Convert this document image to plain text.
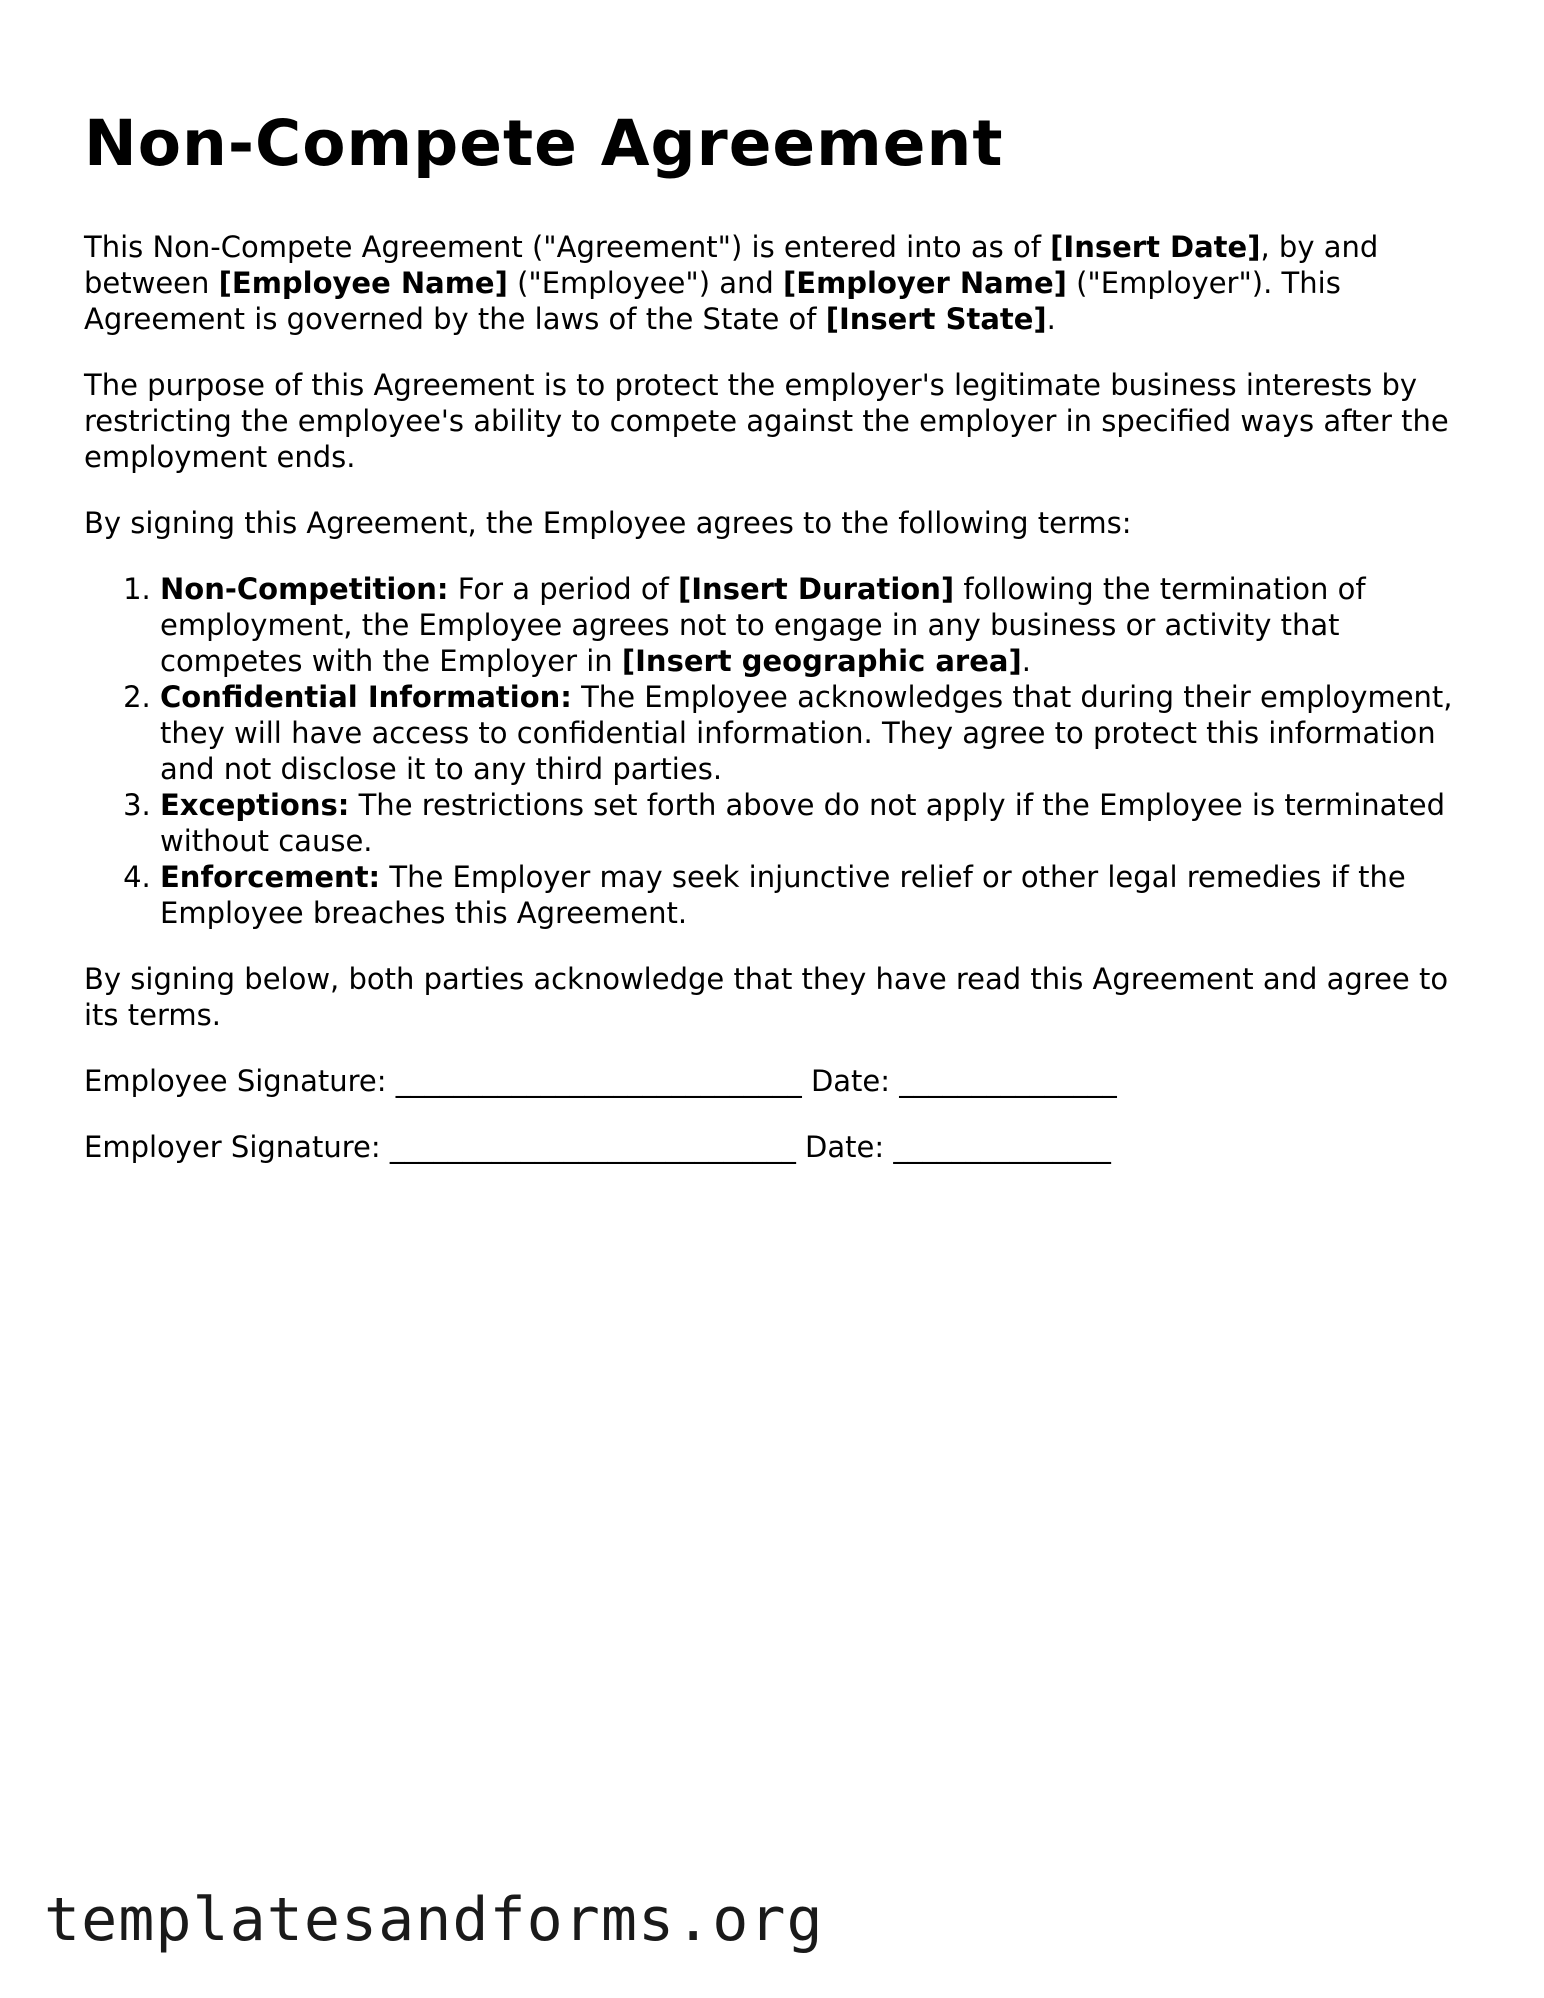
Non-Compete Agreement

This Non-Compete Agreement ("Agreement") is entered into as of [Insert Date], by and between [Employee Name] ("Employee") and [Employer Name] ("Employer"). This Agreement is governed by the laws of the State of [Insert State].

The purpose of this Agreement is to protect the employer's legitimate business interests by restricting the employee's ability to compete against the employer in specified ways after the employment ends.

By signing this Agreement, the Employee agrees to the following terms:

1. Non-Competition: For a period of [Insert Duration] following the termination of employment, the Employee agrees not to engage in any business or activity that competes with the Employer in [Insert geographic area].
2. Confidential Information: The Employee acknowledges that during their employment, they will have access to confidential information. They agree to protect this information and not disclose it to any third parties.
3. Exceptions: The restrictions set forth above do not apply if the Employee is terminated without cause.
4. Enforcement: The Employer may seek injunctive relief or other legal remedies if the Employee breaches this Agreement.

By signing below, both parties acknowledge that they have read this Agreement and agree to its terms.

Employee Signature: ____________________________ Date: _______________

Employer Signature: ____________________________ Date: _______________

templatesandforms.org
